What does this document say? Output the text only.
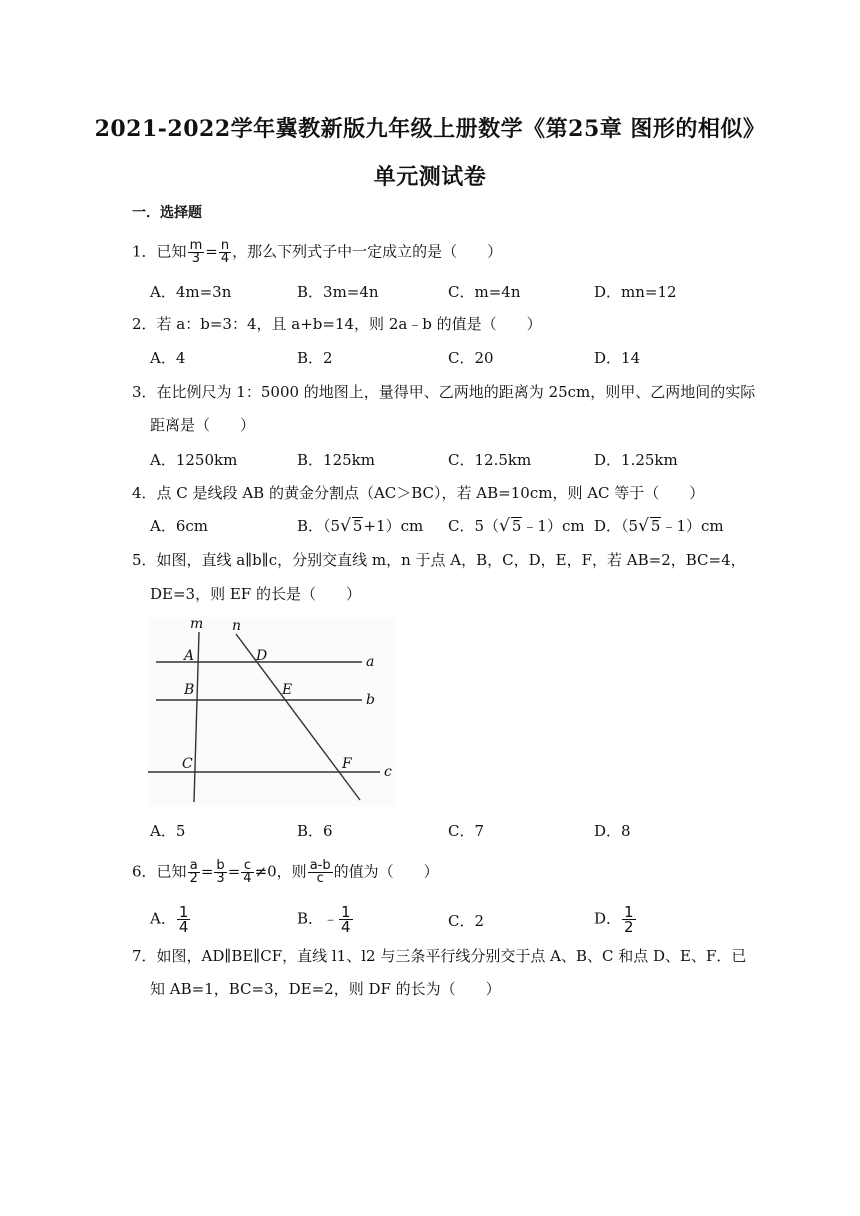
2021-2022学年冀教新版九年级上册数学《第25章 图形的相似》
单元测试卷
一．选择题
1．已知 $\frac{m}{3} = \frac{n}{4}$ ，那么下列式子中一定成立的是（　　）
A．4m=3n	B．3m=4n	C．m=4n	D．mn=12
2．若 a：b=3：4，且 a+b=14，则 2a﹣b 的值是（　　）
A．4	B．2	C．20	D．14
3．在比例尺为 1：5000 的地图上，量得甲、乙两地的距离为 25cm，则甲、乙两地间的实际
距离是（　　）
A．1250km	B．125km	C．12.5km	D．1.25km
4．点 C 是线段 AB 的黄金分割点（AC＞BC），若 AB=10cm，则 AC 等于（　　）
A．6cm	B．（5√ 5+1）cm C．5（√ 5﹣1）cm D．（5√ 5﹣1）cm
5．如图，直线 a∥b∥c，分别交直线 m，n 于点 A，B，C，D，E，F，若 AB=2，BC=4，
DE=3，则 EF 的长是（　　）
m n
A
B
C
D
E
F
a
b
c
A．5	B．6	C．7	D．8
6．已知 $\frac{a}{2} = \frac{b}{3} = \frac{c}{4} \ne 0$，则 $\frac{a-b}{c}$ 的值为（　　）
A． $\frac{1}{4}$	B．﹣ $\frac{1}{4}$	C．2	D． $\frac{1}{2}$
7．如图，AD∥BE∥CF，直线 l1、l2 与三条平行线分别交于点 A、B、C 和点 D、E、F．已
知 AB=1，BC=3，DE=2，则 DF 的长为（　　）
